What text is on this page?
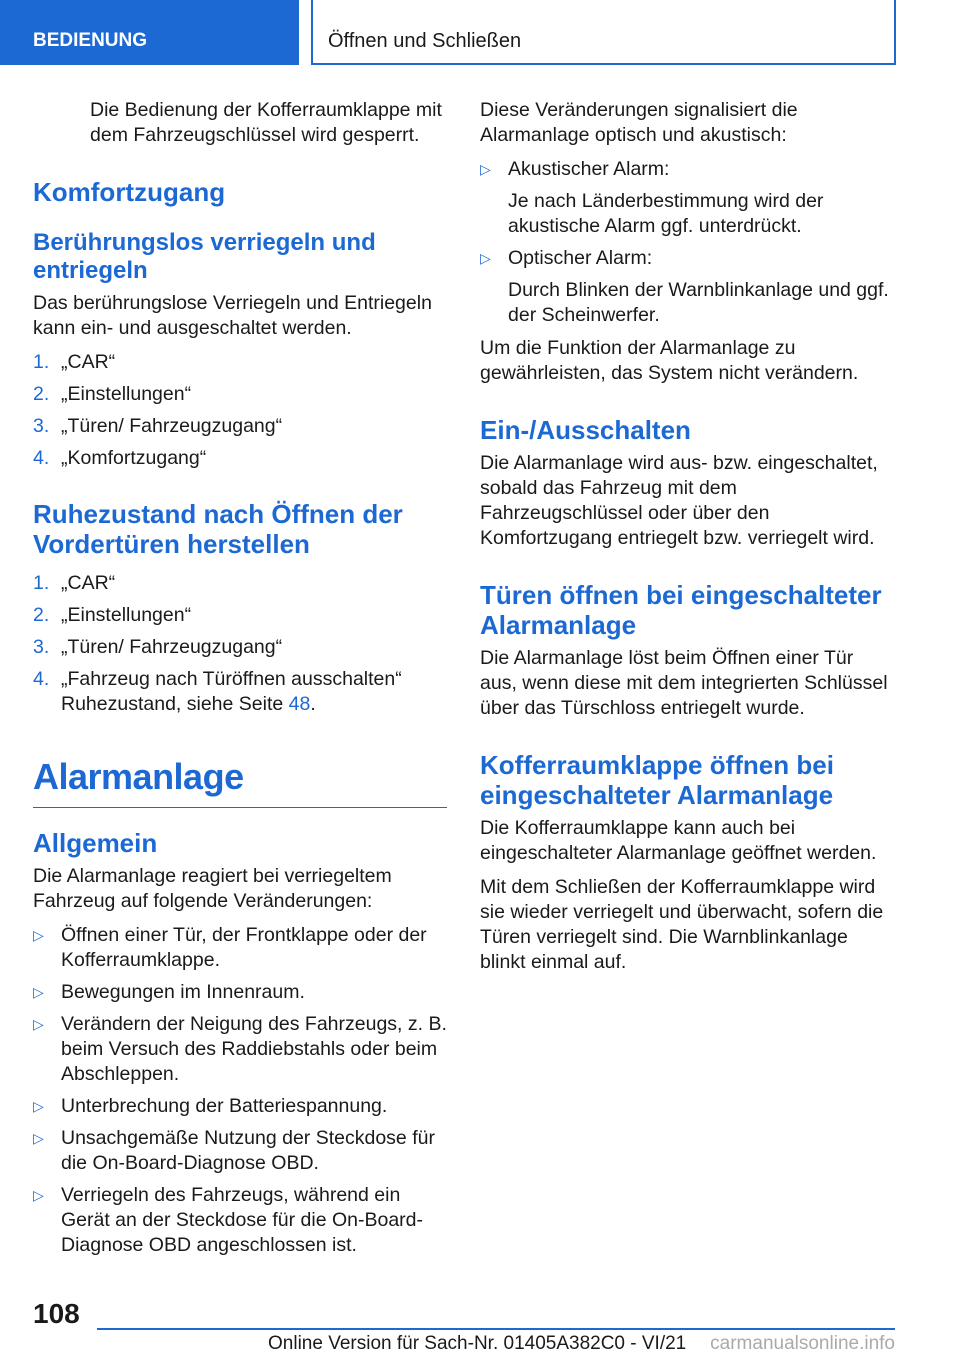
BEDIENUNG	Öffnen und Schließen

Die Bedienung der Kofferraumklappe mit dem Fahrzeugschlüssel wird gesperrt.

Komfortzugang
Berührungslos verriegeln und entriegeln

Das berührungslose Verriegeln und Entriegeln kann ein- und ausgeschaltet werden.

1. „CAR“
2. „Einstellungen“
3. „Türen/ Fahrzeugzugang“
4. „Komfortzugang“
Ruhezustand nach Öffnen der Vordertüren herstellen
1. „CAR“
2. „Einstellungen“
3. „Türen/ Fahrzeugzugang“
4. „Fahrzeug nach Türöffnen ausschalten“ Ruhezustand, siehe Seite 48.
Alarmanlage
Allgemein

Die Alarmanlage reagiert bei verriegeltem Fahrzeug auf folgende Veränderungen:

▷ Öffnen einer Tür, der Frontklappe oder der Kofferraumklappe.
▷ Bewegungen im Innenraum.
▷ Verändern der Neigung des Fahrzeugs, z. B. beim Versuch des Raddiebstahls oder beim Abschleppen.
▷ Unterbrechung der Batteriespannung.
▷ Unsachgemäße Nutzung der Steckdose für die On-Board-Diagnose OBD.
▷ Verriegeln des Fahrzeugs, während ein Gerät an der Steckdose für die On-Board-Diagnose OBD angeschlossen ist.

Diese Veränderungen signalisiert die Alarmanlage optisch und akustisch:

▷ Akustischer Alarm:
Je nach Länderbestimmung wird der akustische Alarm ggf. unterdrückt.
▷ Optischer Alarm:
Durch Blinken der Warnblinkanlage und ggf. der Scheinwerfer.

Um die Funktion der Alarmanlage zu gewährleisten, das System nicht verändern.

Ein-/Ausschalten

Die Alarmanlage wird aus- bzw. eingeschaltet, sobald das Fahrzeug mit dem Fahrzeugschlüssel oder über den Komfortzugang entriegelt bzw. verriegelt wird.

Türen öffnen bei eingeschalteter Alarmanlage

Die Alarmanlage löst beim Öffnen einer Tür aus, wenn diese mit dem integrierten Schlüssel über das Türschloss entriegelt wurde.

Kofferraumklappe öffnen bei eingeschalteter Alarmanlage

Die Kofferraumklappe kann auch bei eingeschalteter Alarmanlage geöffnet werden.

Mit dem Schließen der Kofferraumklappe wird sie wieder verriegelt und überwacht, sofern die Türen verriegelt sind. Die Warnblinkanlage blinkt einmal auf.

108
Online Version für Sach-Nr. 01405A382C0 - VI/21 carmanualsonline.info
